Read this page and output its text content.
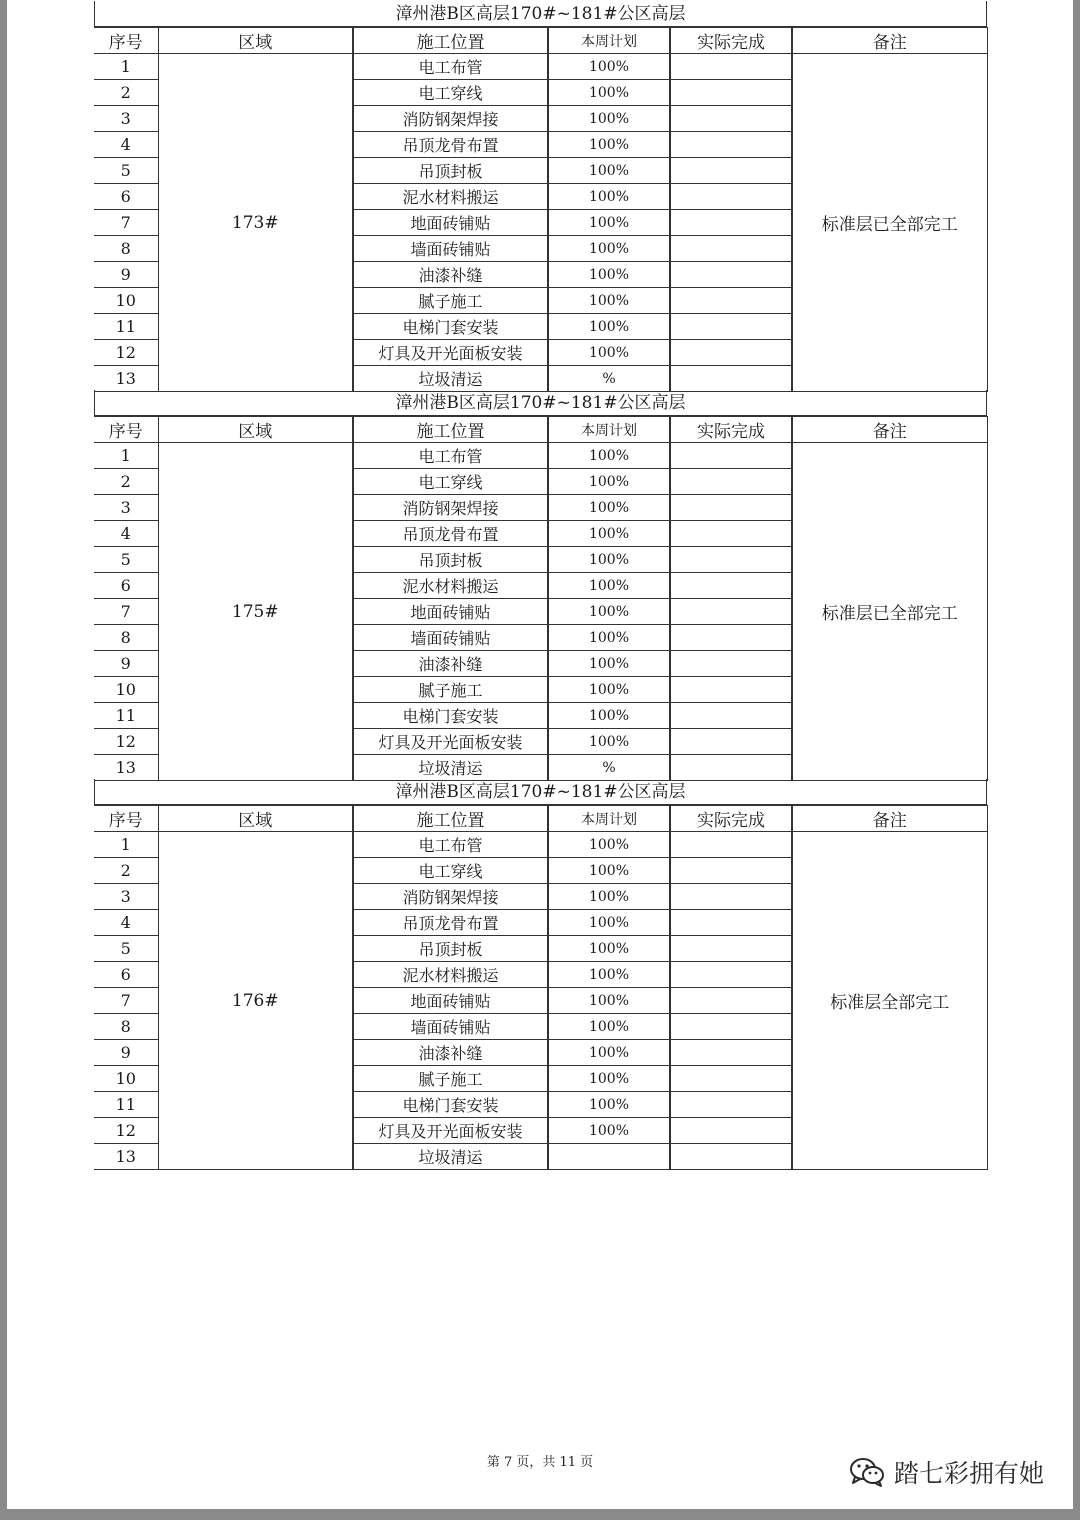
漳州港B区高层170#~181#公区高层
序号	区域	施工位置	本周计划	实际完成	备注
1	173#	电工布管	100%		标准层已全部完工
2		电工穿线	100%		
3		消防钢架焊接	100%		
4		吊顶龙骨布置	100%		
5		吊顶封板	100%		
6		泥水材料搬运	100%		
7		地面砖铺贴	100%		
8		墙面砖铺贴	100%		
9		油漆补缝	100%		
10		腻子施工	100%		
11		电梯门套安装	100%		
12		灯具及开光面板安装	100%		
13		垃圾清运	%		
漳州港B区高层170#~181#公区高层
序号	区域	施工位置	本周计划	实际完成	备注
1	175#	电工布管	100%		标准层已全部完工
2		电工穿线	100%		
3		消防钢架焊接	100%		
4		吊顶龙骨布置	100%		
5		吊顶封板	100%		
6		泥水材料搬运	100%		
7		地面砖铺贴	100%		
8		墙面砖铺贴	100%		
9		油漆补缝	100%		
10		腻子施工	100%		
11		电梯门套安装	100%		
12		灯具及开光面板安装	100%		
13		垃圾清运	%		
漳州港B区高层170#~181#公区高层
序号	区域	施工位置	本周计划	实际完成	备注
1	176#	电工布管	100%		标准层全部完工
2		电工穿线	100%		
3		消防钢架焊接	100%		
4		吊顶龙骨布置	100%		
5		吊顶封板	100%		
6		泥水材料搬运	100%		
7		地面砖铺贴	100%		
8		墙面砖铺贴	100%		
9		油漆补缝	100%		
10		腻子施工	100%		
11		电梯门套安装	100%		
12		灯具及开光面板安装	100%		
13		垃圾清运			
第 7 页，共 11 页	踏七彩拥有她
